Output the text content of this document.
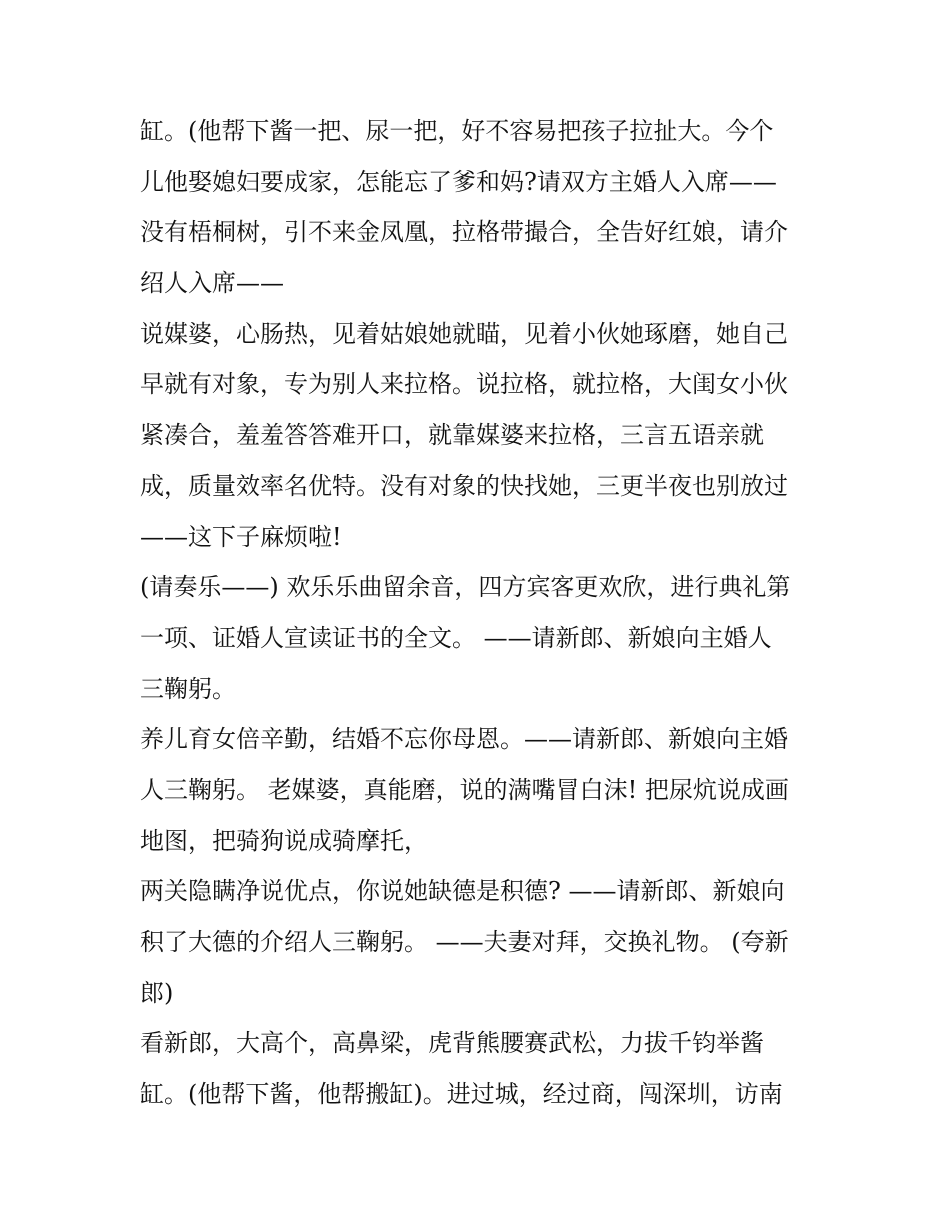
缸。(他帮下酱一把、尿一把，好不容易把孩子拉扯大。今个
儿他娶媳妇要成家，怎能忘了爹和妈?请双方主婚人入席——
没有梧桐树，引不来金凤凰，拉格带撮合，全告好红娘，请介
绍人入席——
说媒婆，心肠热，见着姑娘她就瞄，见着小伙她琢磨，她自己
早就有对象，专为别人来拉格。说拉格，就拉格，大闺女小伙
紧凑合，羞羞答答难开口，就靠媒婆来拉格，三言五语亲就
成，质量效率名优特。没有对象的快找她，三更半夜也别放过
——这下子麻烦啦!
(请奏乐——) 欢乐乐曲留余音，四方宾客更欢欣，进行典礼第
一项、证婚人宣读证书的全文。 ——请新郎、新娘向主婚人
三鞠躬。
养儿育女倍辛勤，结婚不忘你母恩。——请新郎、新娘向主婚
人三鞠躬。 老媒婆，真能磨，说的满嘴冒白沫! 把尿炕说成画
地图，把骑狗说成骑摩托，
两关隐瞒净说优点，你说她缺德是积德? ——请新郎、新娘向
积了大德的介绍人三鞠躬。 ——夫妻对拜，交换礼物。 (夸新
郎)
看新郎，大高个，高鼻梁，虎背熊腰赛武松，力拔千钧举酱
缸。(他帮下酱，他帮搬缸)。进过城，经过商，闯深圳，访南
